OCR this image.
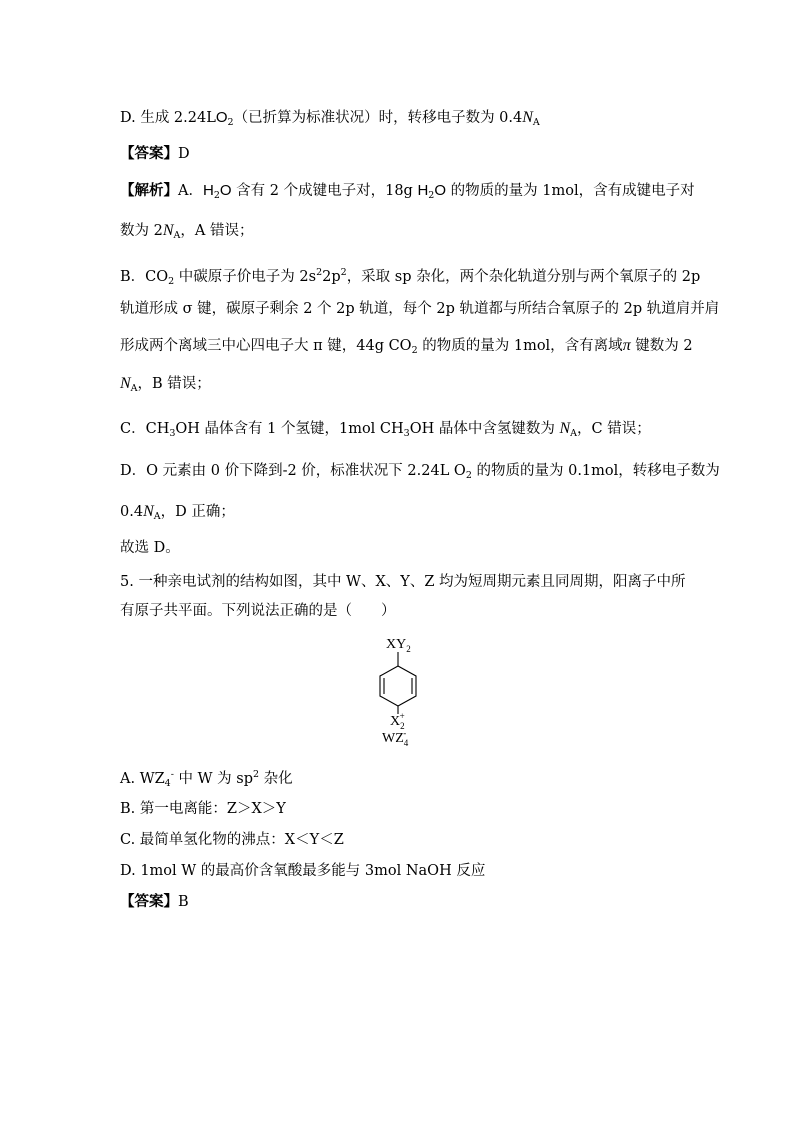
D. 生成 $2.24LO_2$（已折算为标准状况）时，转移电子数为 $0.4N_A$
【答案】D
【解析】A．$H_2O$ 含有 2 个成键电子对，18g $H_2O$ 的物质的量为 1mol，含有成键电子对
数为 $2N_A$，A 错误；
B．$CO_2$ 中碳原子价电子为 $2s^22p^2$，采取 sp 杂化，两个杂化轨道分别与两个氧原子的 2p
轨道形成 σ 键，碳原子剩余 2 个 2p 轨道，每个 2p 轨道都与所结合氧原子的 2p 轨道肩并肩
形成两个离域三中心四电子大 π 键，44g $CO_2$ 的物质的量为 1mol，含有离域π 键数为 2
$N_A$，B 错误；
C．$CH_3OH$ 晶体含有 1 个氢键，1mol $CH_3OH$ 晶体中含氢键数为 $N_A$，C 错误；
D．O 元素由 0 价下降到-2 价，标准状况下 2.24L $O_2$ 的物质的量为 0.1mol，转移电子数为
$0.4N_A$，D 正确；
故选 D。
5. 一种亲电试剂的结构如图，其中 W、X、Y、Z 均为短周期元素且同周期，阳离子中所
有原子共平面。下列说法正确的是（　　）
$XY_2$
$X_2+$
$WZ_4-$
A. $WZ_4^-$ 中 W 为 $sp^2$ 杂化
B. 第一电离能：Z＞X＞Y
C. 最简单氢化物的沸点：X＜Y＜Z
D. 1mol W 的最高价含氧酸最多能与 3mol NaOH 反应
【答案】B
